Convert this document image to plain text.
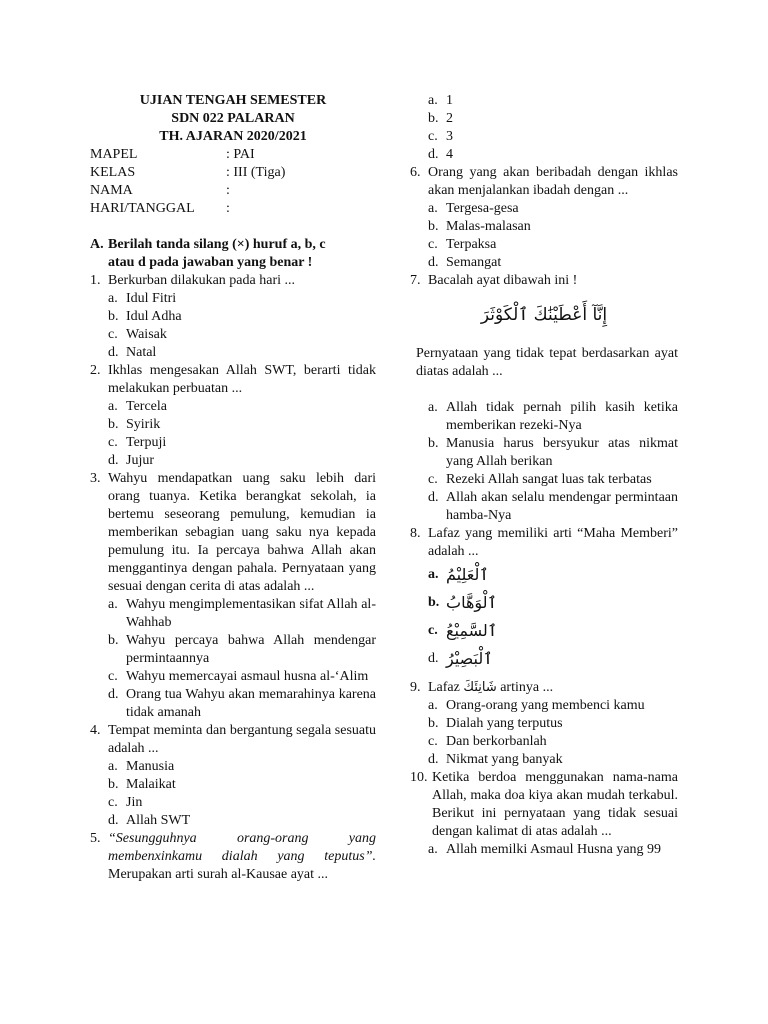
UJIAN TENGAH SEMESTER
SDN 022 PALARAN
TH. AJARAN 2020/2021
MAPEL	: PAI
KELAS	: III (Tiga)
NAMA	:
HARI/TANGGAL	:
A. Berilah tanda silang (×) huruf a, b, c
atau d pada jawaban yang benar !
1. Berkurban dilakukan pada hari ...
a. Idul Fitri
b. Idul Adha
c. Waisak
d. Natal
2. Ikhlas mengesakan Allah SWT, berarti tidak melakukan perbuatan ...
a. Tercela
b. Syirik
c. Terpuji
d. Jujur
3. Wahyu mendapatkan uang saku lebih dari orang tuanya. Ketika berangkat sekolah, ia bertemu seseorang pemulung, kemudian ia memberikan sebagian uang saku nya kepada pemulung itu. Ia percaya bahwa Allah akan menggantinya dengan pahala. Pernyataan yang sesuai dengan cerita di atas adalah ...
a. Wahyu mengimplementasikan sifat Allah al-Wahhab
b. Wahyu percaya bahwa Allah mendengar permintaannya
c. Wahyu memercayai asmaul husna al-‘Alim
d. Orang tua Wahyu akan memarahinya karena tidak amanah
4. Tempat meminta dan bergantung segala sesuatu adalah ...
a. Manusia
b. Malaikat
c. Jin
d. Allah SWT
5. “Sesungguhnya orang-orang yang membenxinkamu dialah yang teputus”. Merupakan arti surah al-Kausae ayat ...
a. 1
b. 2
c. 3
d. 4
6. Orang yang akan beribadah dengan ikhlas akan menjalankan ibadah dengan ...
a. Tergesa-gesa
b. Malas-malasan
c. Terpaksa
d. Semangat
7. Bacalah ayat dibawah ini !
إِنَّآ أَعْطَيْنَٰكَ ٱلْكَوْثَرَ
Pernyataan yang tidak tepat berdasarkan ayat diatas adalah ...
a. Allah tidak pernah pilih kasih ketika memberikan rezeki-Nya
b. Manusia harus bersyukur atas nikmat yang Allah berikan
c. Rezeki Allah sangat luas tak terbatas
d. Allah akan selalu mendengar permintaan hamba-Nya
8. Lafaz yang memiliki arti “Maha Memberi” adalah ...
a. ٱلْعَلِيْمُ
b. ٱلْوَهَّابُ
c. ٱلسَّمِيْعُ
d. ٱلْبَصِيْرُ
9. Lafaz شَانِئَكَ artinya ...
a. Orang-orang yang membenci kamu
b. Dialah yang terputus
c. Dan berkorbanlah
d. Nikmat yang banyak
10. Ketika berdoa menggunakan nama-nama Allah, maka doa kiya akan mudah terkabul. Berikut ini pernyataan yang tidak sesuai dengan kalimat di atas adalah ...
a. Allah memilki Asmaul Husna yang 99
